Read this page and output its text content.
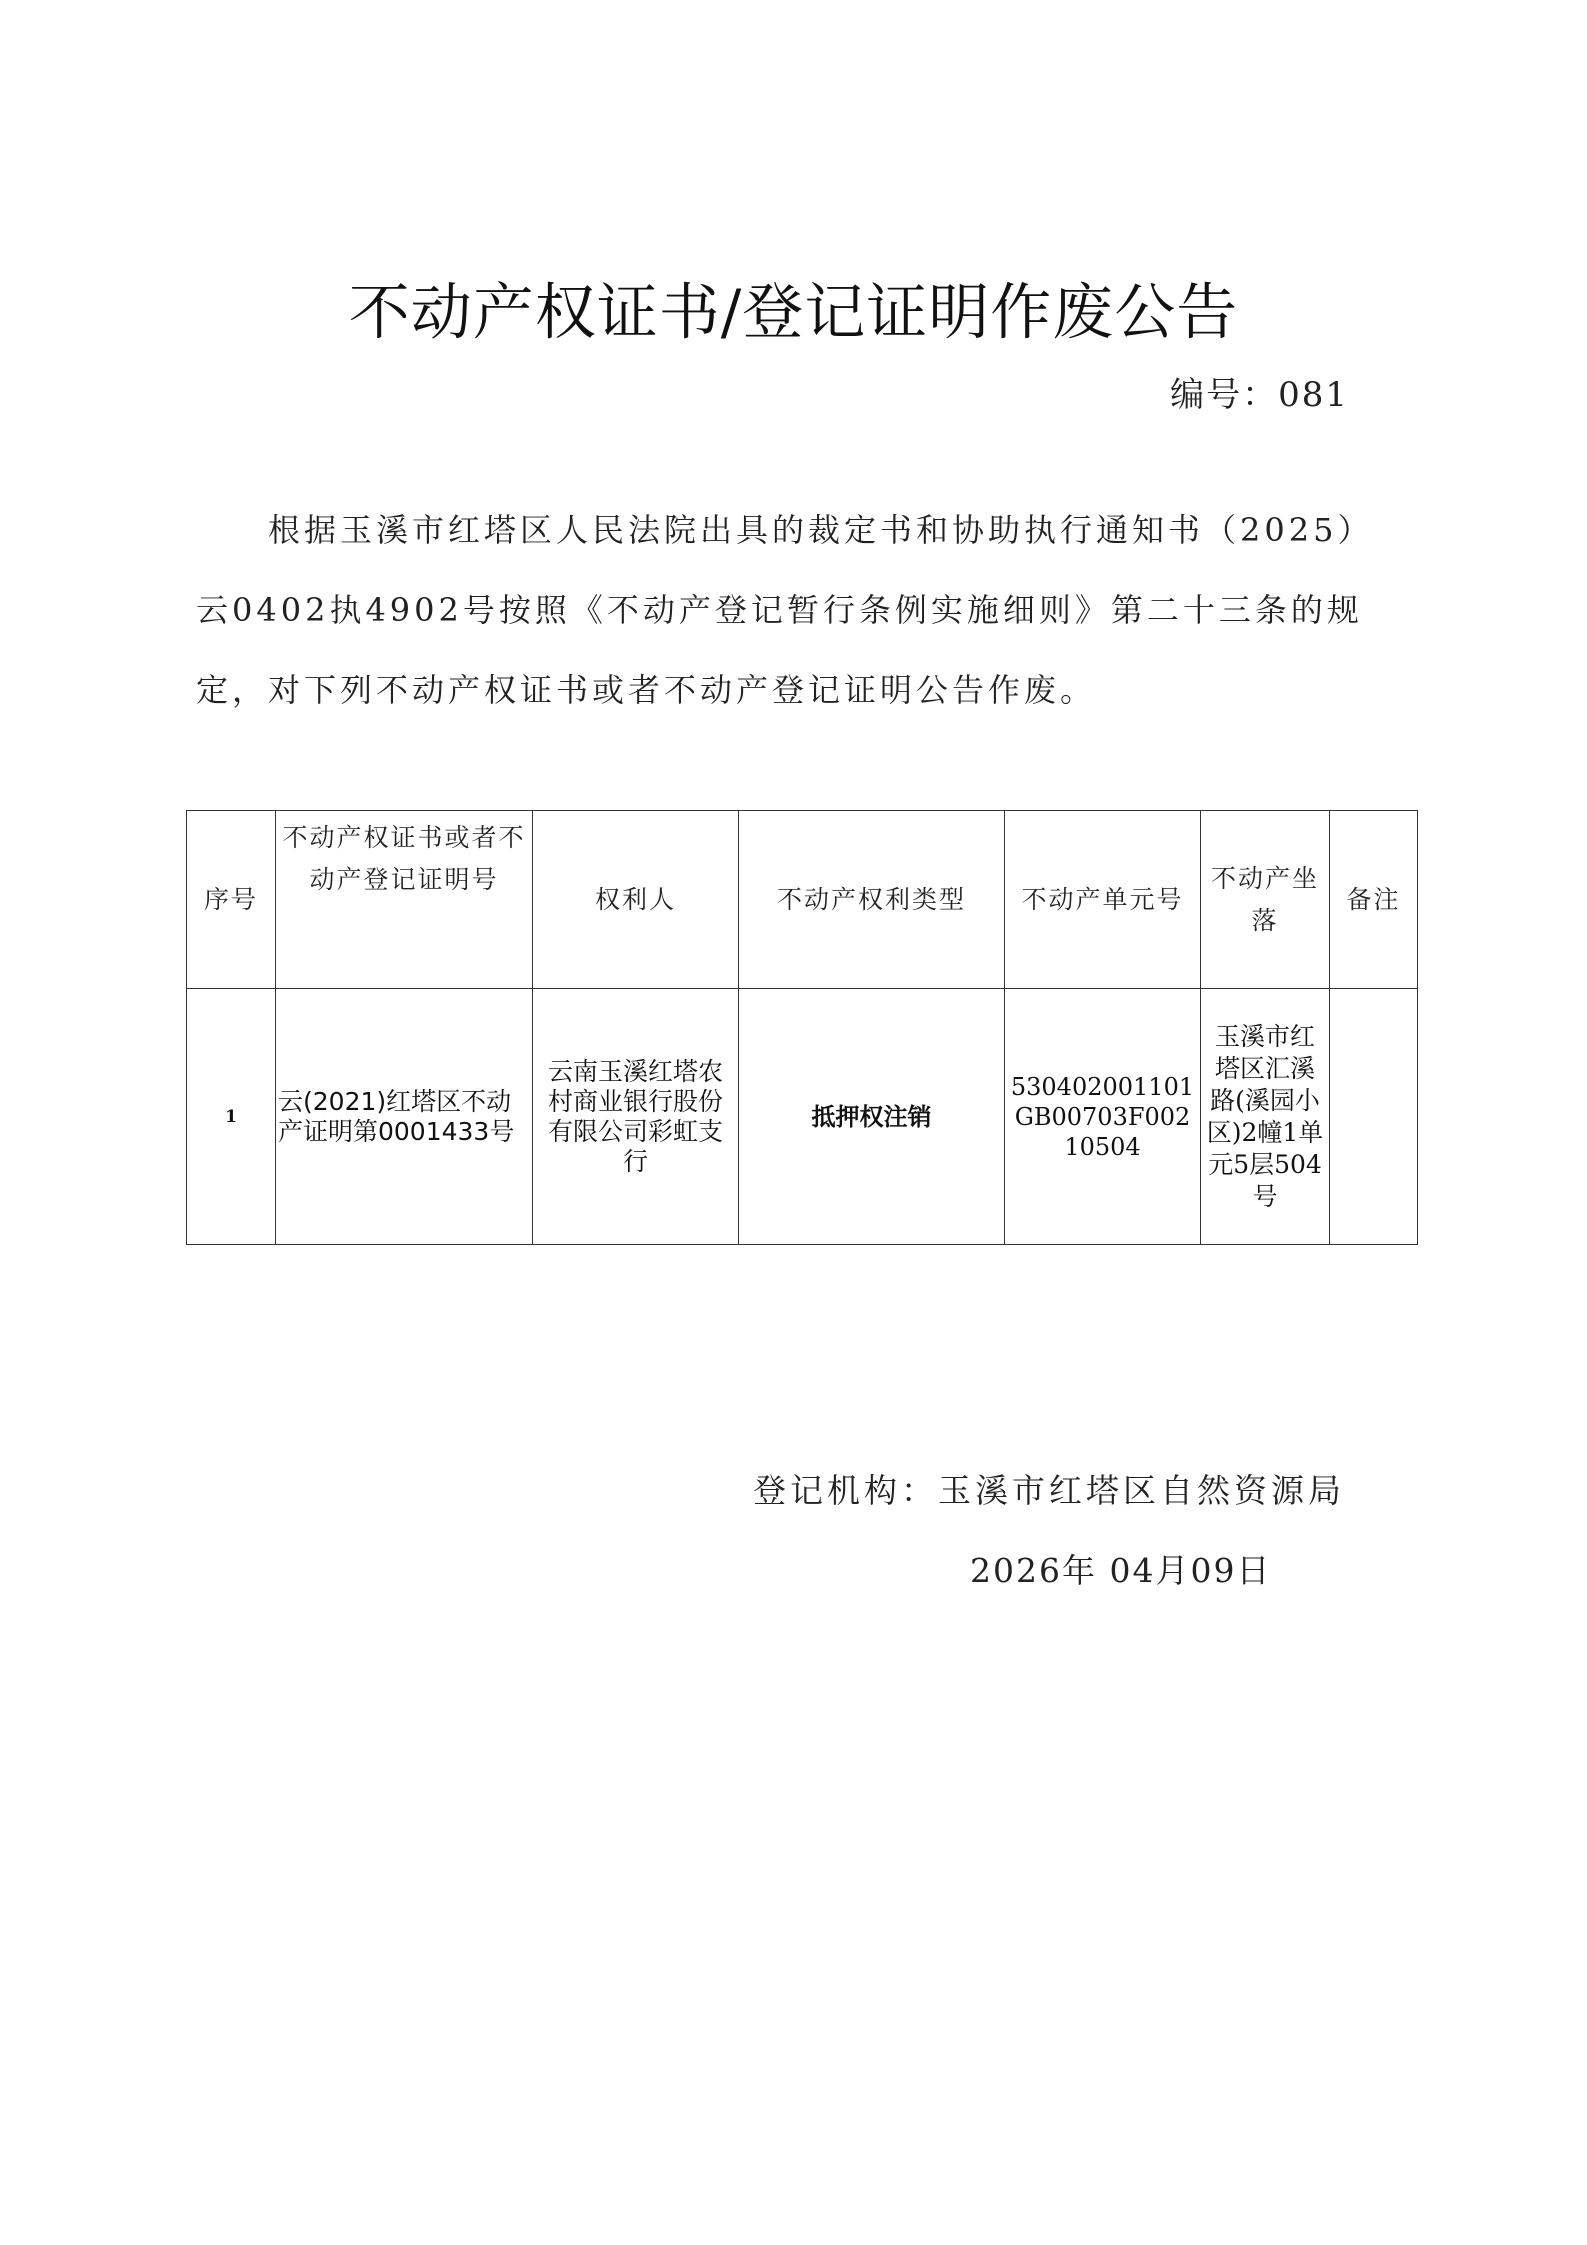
不动产权证书/登记证明作废公告
编号：081
根据玉溪市红塔区人民法院出具的裁定书和协助执行通知书（2025）云0402执4902号按照《不动产登记暂行条例实施细则》第二十三条的规定，对下列不动产权证书或者不动产登记证明公告作废。
序号	不动产权证书或者不动产登记证明号	权利人	不动产权利类型	不动产单元号	不动产坐落	备注
1	云(2021)红塔区不动产证明第0001433号	云南玉溪红塔农村商业银行股份有限公司彩虹支行	抵押权注销	530402001101GB00703F00210504	玉溪市红塔区汇溪路(溪园小区)2幢1单元5层504号	
登记机构：玉溪市红塔区自然资源局
2026年 04月09日
